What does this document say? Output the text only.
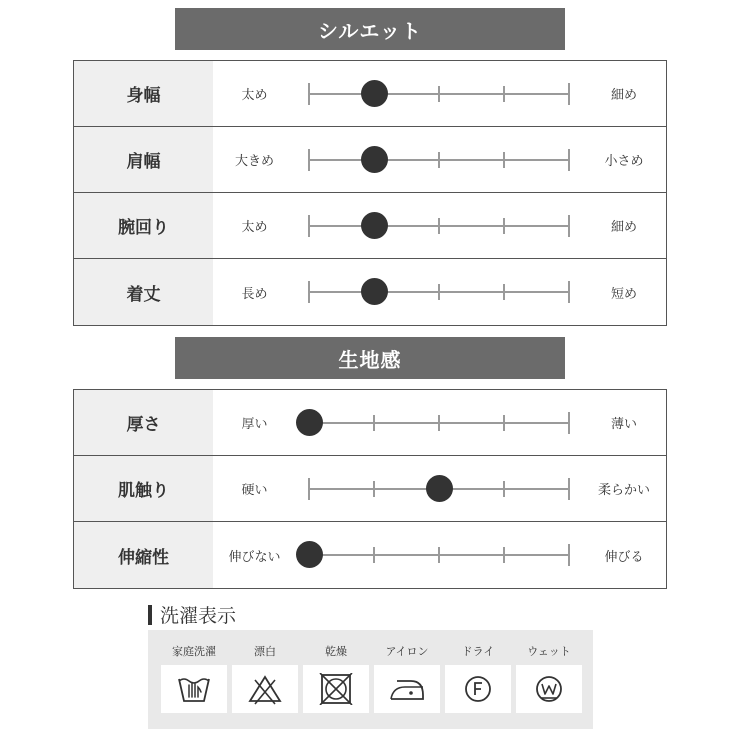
シルエット
身幅	太め	細め
肩幅	大きめ	小さめ
腕回り	太め	細め
着丈	長め	短め
生地感
厚さ	厚い	薄い
肌触り	硬い	柔らかい
伸縮性	伸びない	伸びる
洗濯表示
家庭洗濯	漂白	乾燥	アイロン	ドライ	ウェット
